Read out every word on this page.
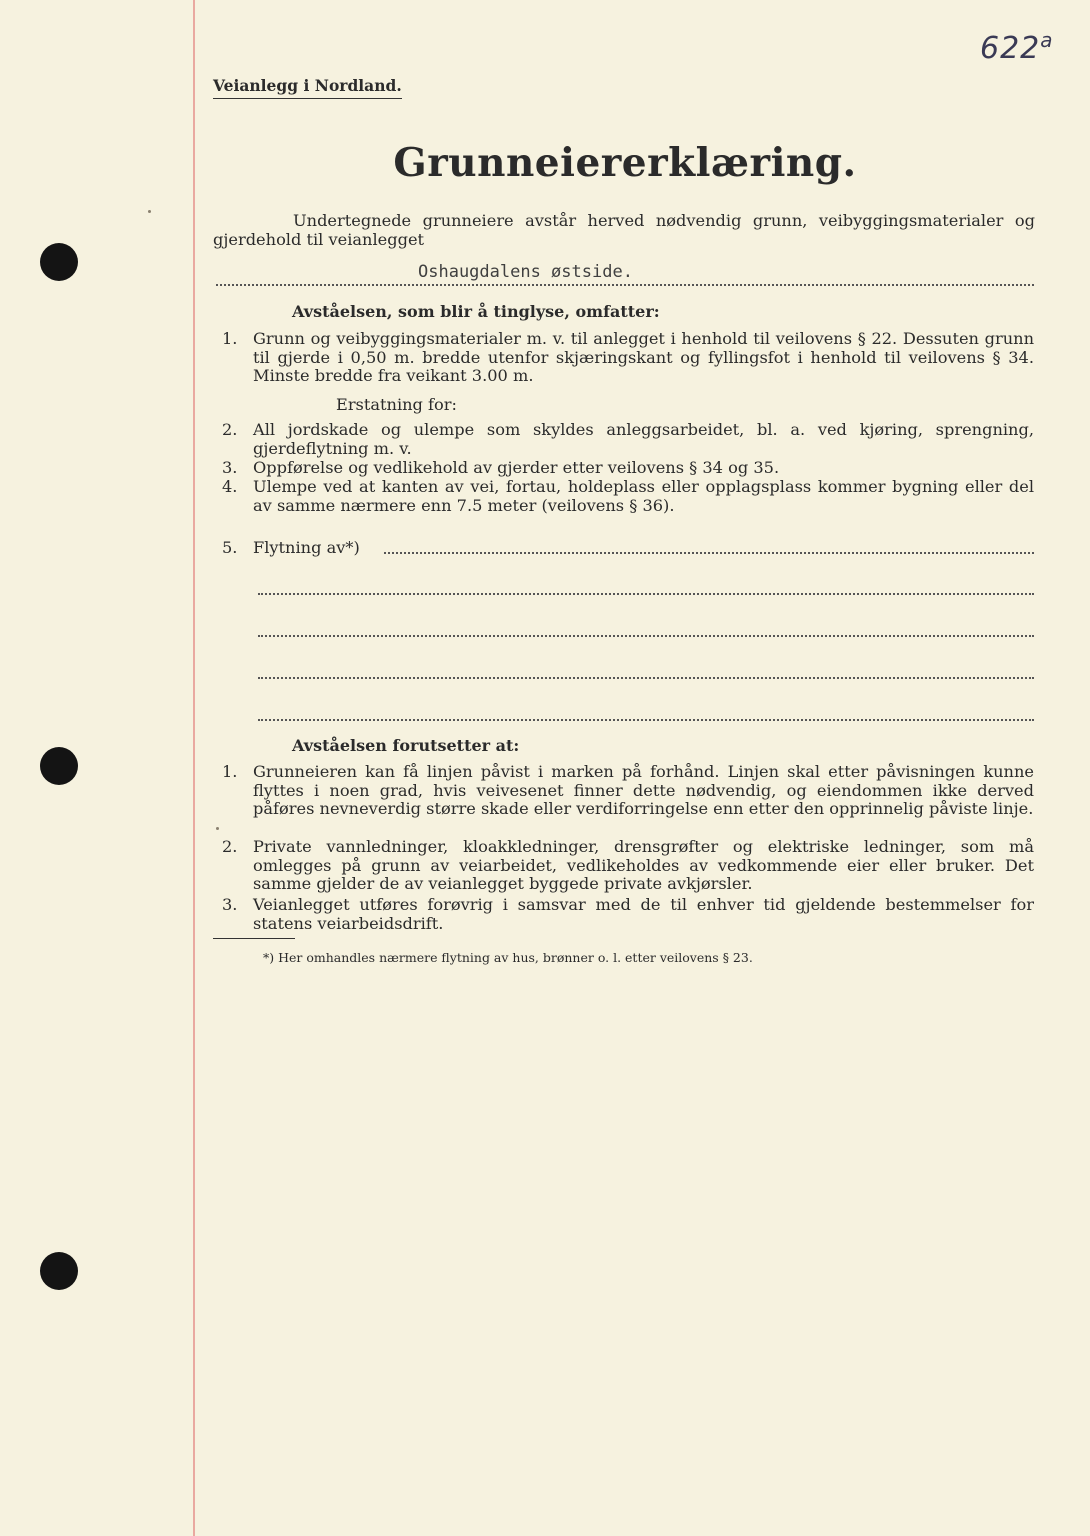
622$^a$
Veianlegg i Nordland.
Grunneiererklæring.
Undertegnede grunneiere avstår herved nødvendig grunn, veibyggingsmaterialer og gjerdehold til veianlegget
Oshaugdalens østside.
Avståelsen, som blir å tinglyse, omfatter:
1. Grunn og veibyggingsmaterialer m. v. til anlegget i henhold til veilovens § 22. Dessuten grunn til gjerde i 0,50 m. bredde utenfor skjæringskant og fyllingsfot i henhold til veilovens § 34. Minste bredde fra veikant 3.00 m.
Erstatning for:
2. All jordskade og ulempe som skyldes anleggsarbeidet, bl. a. ved kjøring, sprengning, gjerdeflytning m. v.
3. Oppførelse og vedlikehold av gjerder etter veilovens § 34 og 35.
4. Ulempe ved at kanten av vei, fortau, holdeplass eller opplagsplass kommer bygning eller del av samme nærmere enn 7.5 meter (veilovens § 36).
5. Flytning av*)
Avståelsen forutsetter at:
1. Grunneieren kan få linjen påvist i marken på forhånd. Linjen skal etter påvisningen kunne flyttes i noen grad, hvis veivesenet finner dette nødvendig, og eiendommen ikke derved påføres nevneverdig større skade eller verdiforringelse enn etter den opprinnelig påviste linje.
2. Private vannledninger, kloakkledninger, drensgrøfter og elektriske ledninger, som må omlegges på grunn av veiarbeidet, vedlikeholdes av vedkommende eier eller bruker. Det samme gjelder de av veianlegget byggede private avkjørsler.
3. Veianlegget utføres forøvrig i samsvar med de til enhver tid gjeldende bestemmelser for statens veiarbeidsdrift.
*) Her omhandles nærmere flytning av hus, brønner o. l. etter veilovens § 23.
